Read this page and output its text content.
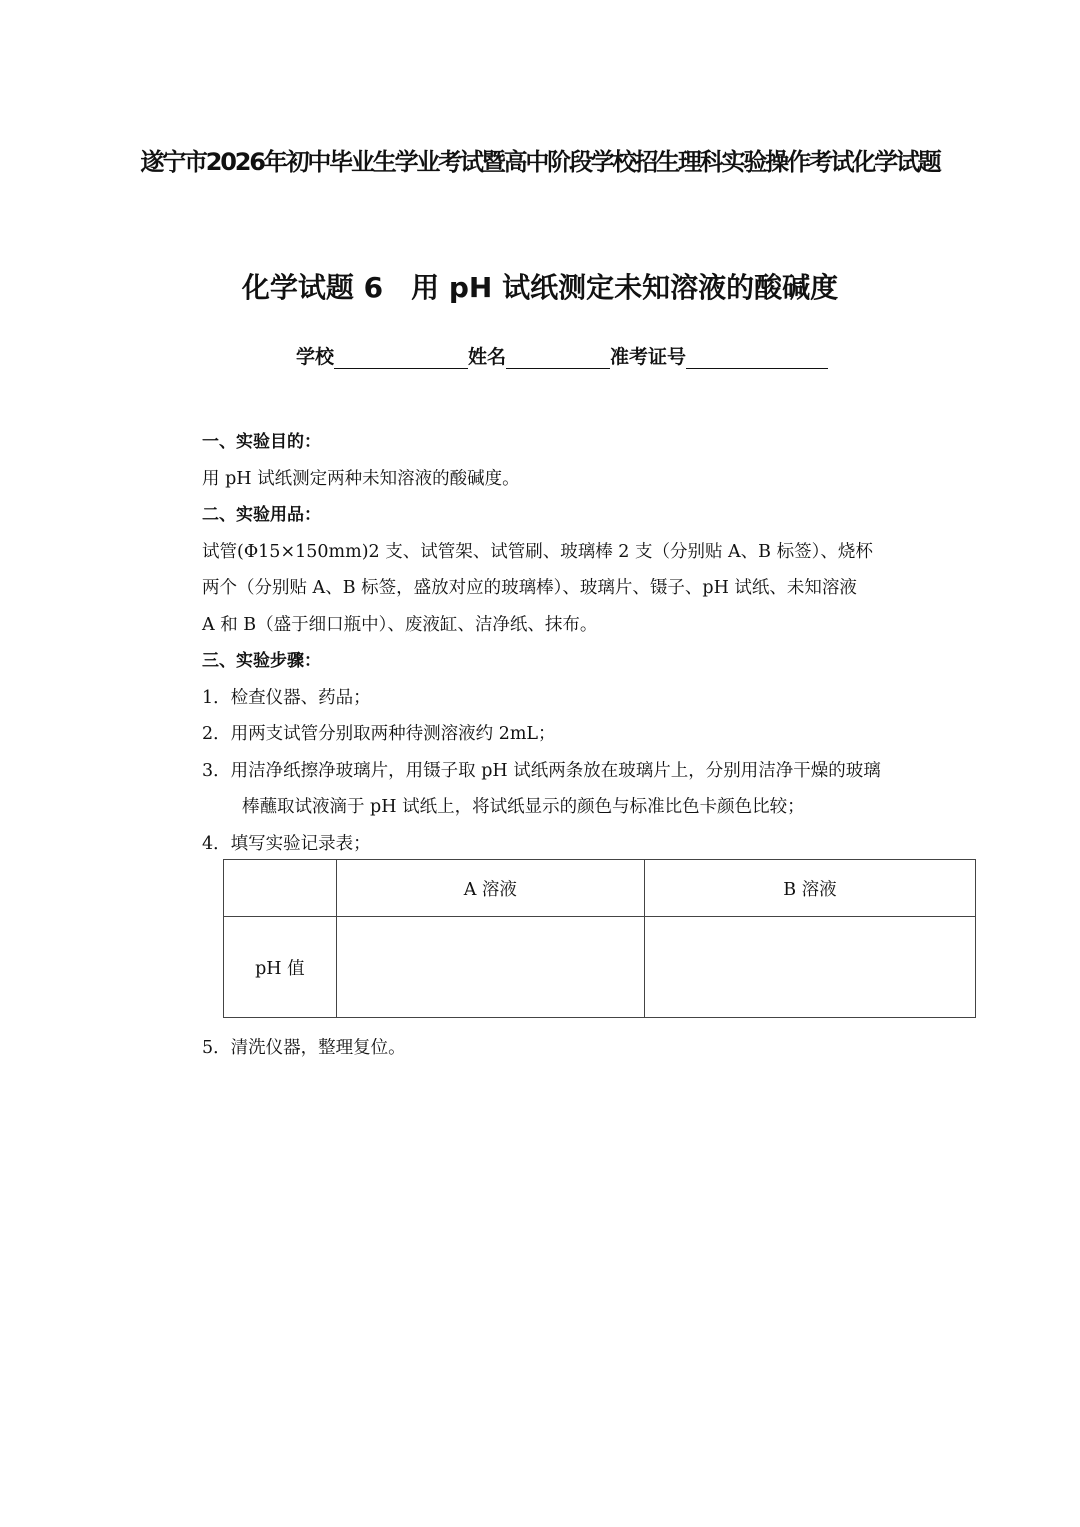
遂宁市2026年初中毕业生学业考试暨高中阶段学校招生理科实验操作考试化学试题
化学试题 6 用 pH 试纸测定未知溶液的酸碱度
学校	姓名	准考证号
一、实验目的：
用 pH 试纸测定两种未知溶液的酸碱度。
二、实验用品：
试管(Φ15×150mm)2 支、试管架、试管刷、玻璃棒 2 支（分别贴 A、B 标签）、烧杯
两个（分别贴 A、B 标签，盛放对应的玻璃棒）、玻璃片、镊子、pH 试纸、未知溶液
A 和 B（盛于细口瓶中）、废液缸、洁净纸、抹布。
三、实验步骤：
1．检查仪器、药品；
2．用两支试管分别取两种待测溶液约 2mL；
3．用洁净纸擦净玻璃片，用镊子取 pH 试纸两条放在玻璃片上，分别用洁净干燥的玻璃
棒蘸取试液滴于 pH 试纸上，将试纸显示的颜色与标准比色卡颜色比较；
4．填写实验记录表；
	A 溶液	B 溶液
pH 值		
5．清洗仪器，整理复位。
